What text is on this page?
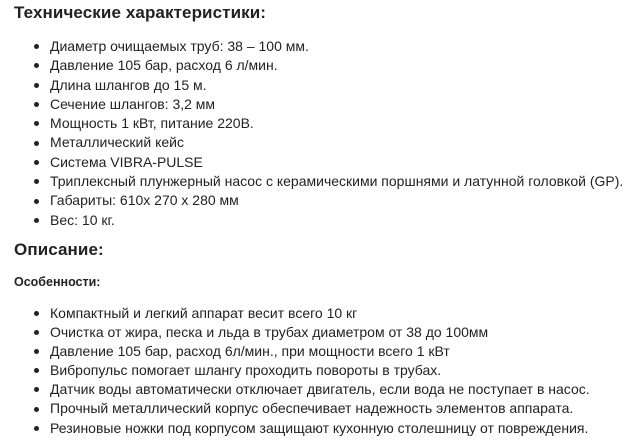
Технические характеристики:
Диаметр очищаемых труб: 38 – 100 мм.
Давление 105 бар, расход 6 л/мин.
Длина шлангов до 15 м.
Сечение шлангов: 3,2 мм
Мощность 1 кВт, питание 220В.
Металлический кейс
Система VIBRA-PULSE
Триплексный плунжерный насос с керамическими поршнями и латунной головкой (GP).
Габариты: 610х 270 х 280 мм
Вес: 10 кг.
Описание:
Особенности:
Компактный и легкий аппарат весит всего 10 кг
Очистка от жира, песка и льда в трубах диаметром от 38 до 100мм
Давление 105 бар, расход 6л/мин., при мощности всего 1 кВт
Вибропульс помогает шлангу проходить повороты в трубах.
Датчик воды автоматически отключает двигатель, если вода не поступает в насос.
Прочный металлический корпус обеспечивает надежность элементов аппарата.
Резиновые ножки под корпусом защищают кухонную столешницу от повреждения.
